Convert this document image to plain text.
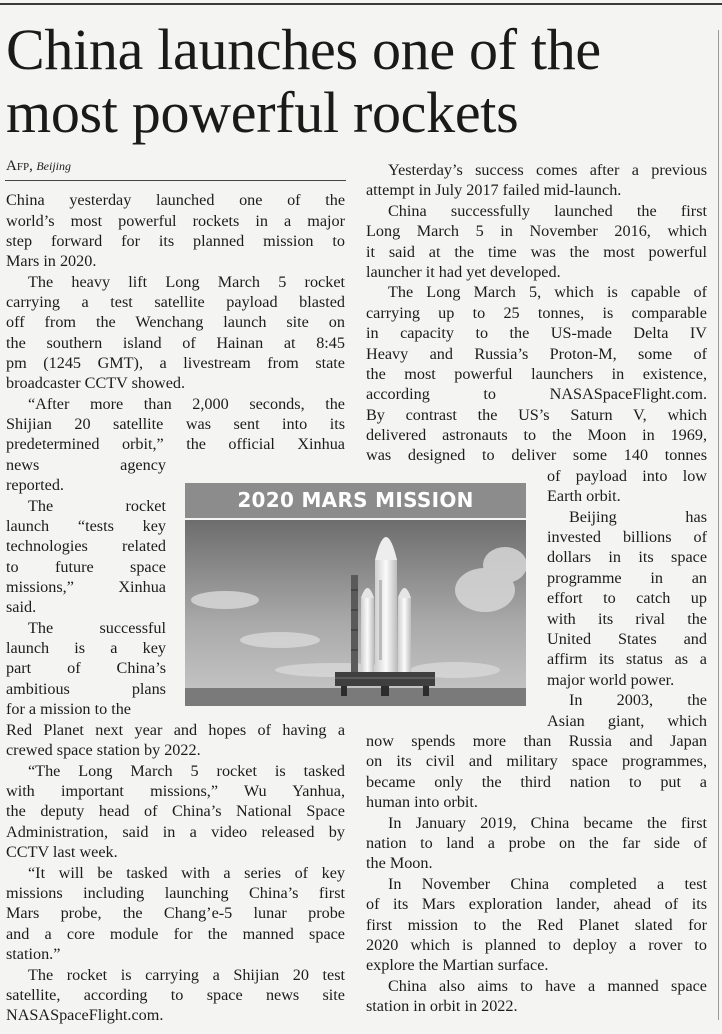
China launches one of the most powerful rockets
Afp, Beijing

China yesterday launched one of the

world’s most powerful rockets in a major

step forward for its planned mission to

Mars in 2020.

The heavy lift Long March 5 rocket

carrying a test satellite payload blasted

off from the Wenchang launch site on

the southern island of Hainan at 8:45

pm (1245 GMT), a livestream from state

broadcaster CCTV showed.

“After more than 2,000 seconds, the

Shijian 20 satellite was sent into its

predetermined orbit,” the official Xinhua

news agency

reported.

The rocket

launch “tests key

technologies related

to future space

missions,” Xinhua

said.

The successful

launch is a key

part of China’s

ambitious plans

for a mission to the

Red Planet next year and hopes of having a

crewed space station by 2022.

“The Long March 5 rocket is tasked

with important missions,” Wu Yanhua,

the deputy head of China’s National Space

Administration, said in a video released by

CCTV last week.

“It will be tasked with a series of key

missions including launching China’s first

Mars probe, the Chang’e-5 lunar probe

and a core module for the manned space

station.”

The rocket is carrying a Shijian 20 test

satellite, according to space news site

NASASpaceFlight.com.

Yesterday’s success comes after a previous

attempt in July 2017 failed mid-launch.

China successfully launched the first

Long March 5 in November 2016, which

it said at the time was the most powerful

launcher it had yet developed.

The Long March 5, which is capable of

carrying up to 25 tonnes, is comparable

in capacity to the US-made Delta IV

Heavy and Russia’s Proton-M, some of

the most powerful launchers in existence,

according to NASASpaceFlight.com.

By contrast the US’s Saturn V, which

delivered astronauts to the Moon in 1969,

was designed to deliver some 140 tonnes

of payload into low

Earth orbit.

Beijing has

invested billions of

dollars in its space

programme in an

effort to catch up

with its rival the

United States and

affirm its status as a

major world power.

In 2003, the

Asian giant, which

now spends more than Russia and Japan

on its civil and military space programmes,

became only the third nation to put a

human into orbit.

In January 2019, China became the first

nation to land a probe on the far side of

the Moon.

In November China completed a test

of its Mars exploration lander, ahead of its

first mission to the Red Planet slated for

2020 which is planned to deploy a rover to

explore the Martian surface.

China also aims to have a manned space

station in orbit in 2022.

2020 MARS MISSION
